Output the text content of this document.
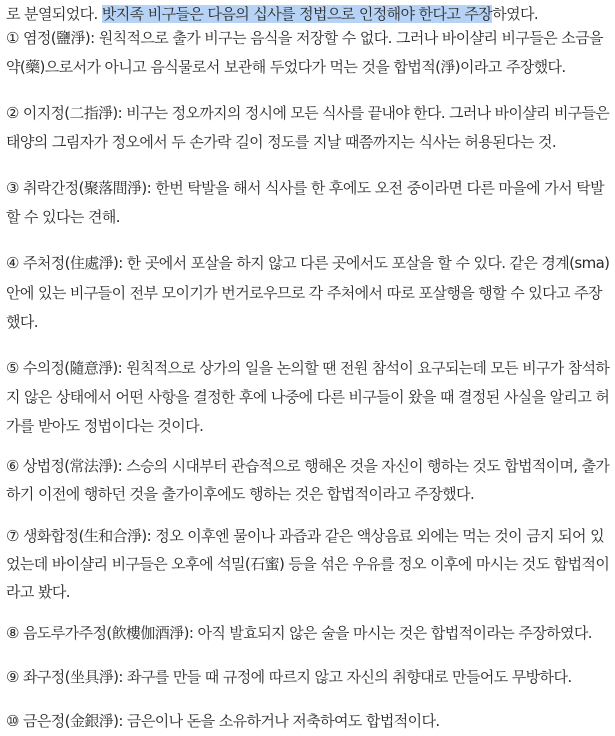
로 분열되었다. 밧지족 비구들은 다음의 십사를 정법으로 인정해야 한다고 주장하였다.

① 염정(鹽淨): 원칙적으로 출가 비구는 음식을 저장할 수 없다. 그러나 바이샬리 비구들은 소금을
약(藥)으로서가 아니고 음식물로서 보관해 두었다가 먹는 것을 합법적(淨)이라고 주장했다.
② 이지정(二指淨): 비구는 정오까지의 정시에 모든 식사를 끝내야 한다. 그러나 바이샬리 비구들은
태양의 그림자가 정오에서 두 손가락 길이 정도를 지날 때쯤까지는 식사는 허용된다는 것.
③ 취락간정(聚落間淨): 한번 탁발을 해서 식사를 한 후에도 오전 중이라면 다른 마을에 가서 탁발
할 수 있다는 견해.
④ 주처정(住處淨): 한 곳에서 포살을 하지 않고 다른 곳에서도 포살을 할 수 있다. 같은 경계(sma)
안에 있는 비구들이 전부 모이기가 번거로우므로 각 주처에서 따로 포살행을 행할 수 있다고 주장
했다.
⑤ 수의정(隨意淨): 원칙적으로 상가의 일을 논의할 땐 전원 참석이 요구되는데 모든 비구가 참석하
지 않은 상태에서 어떤 사항을 결정한 후에 나중에 다른 비구들이 왔을 때 결정된 사실을 알리고 허
가를 받아도 정법이다는 것이다.
⑥ 상법정(常法淨): 스승의 시대부터 관습적으로 행해온 것을 자신이 행하는 것도 합법적이며, 출가
하기 이전에 행하던 것을 출가이후에도 행하는 것은 합법적이라고 주장했다.
⑦ 생화합정(生和合淨): 정오 이후엔 물이나 과즙과 같은 액상음료 외에는 먹는 것이 금지 되어 있
었는데 바이샬리 비구들은 오후에 석밀(石蜜) 등을 섞은 우유를 정오 이후에 마시는 것도 합법적이
라고 봤다.
⑧ 음도루가주정(飮樓伽酒淨): 아직 발효되지 않은 술을 마시는 것은 합법적이라는 주장하였다.
⑨ 좌구정(坐具淨): 좌구를 만들 때 규정에 따르지 않고 자신의 취향대로 만들어도 무방하다.
⑩ 금은정(金銀淨): 금은이나 돈을 소유하거나 저축하여도 합법적이다.
